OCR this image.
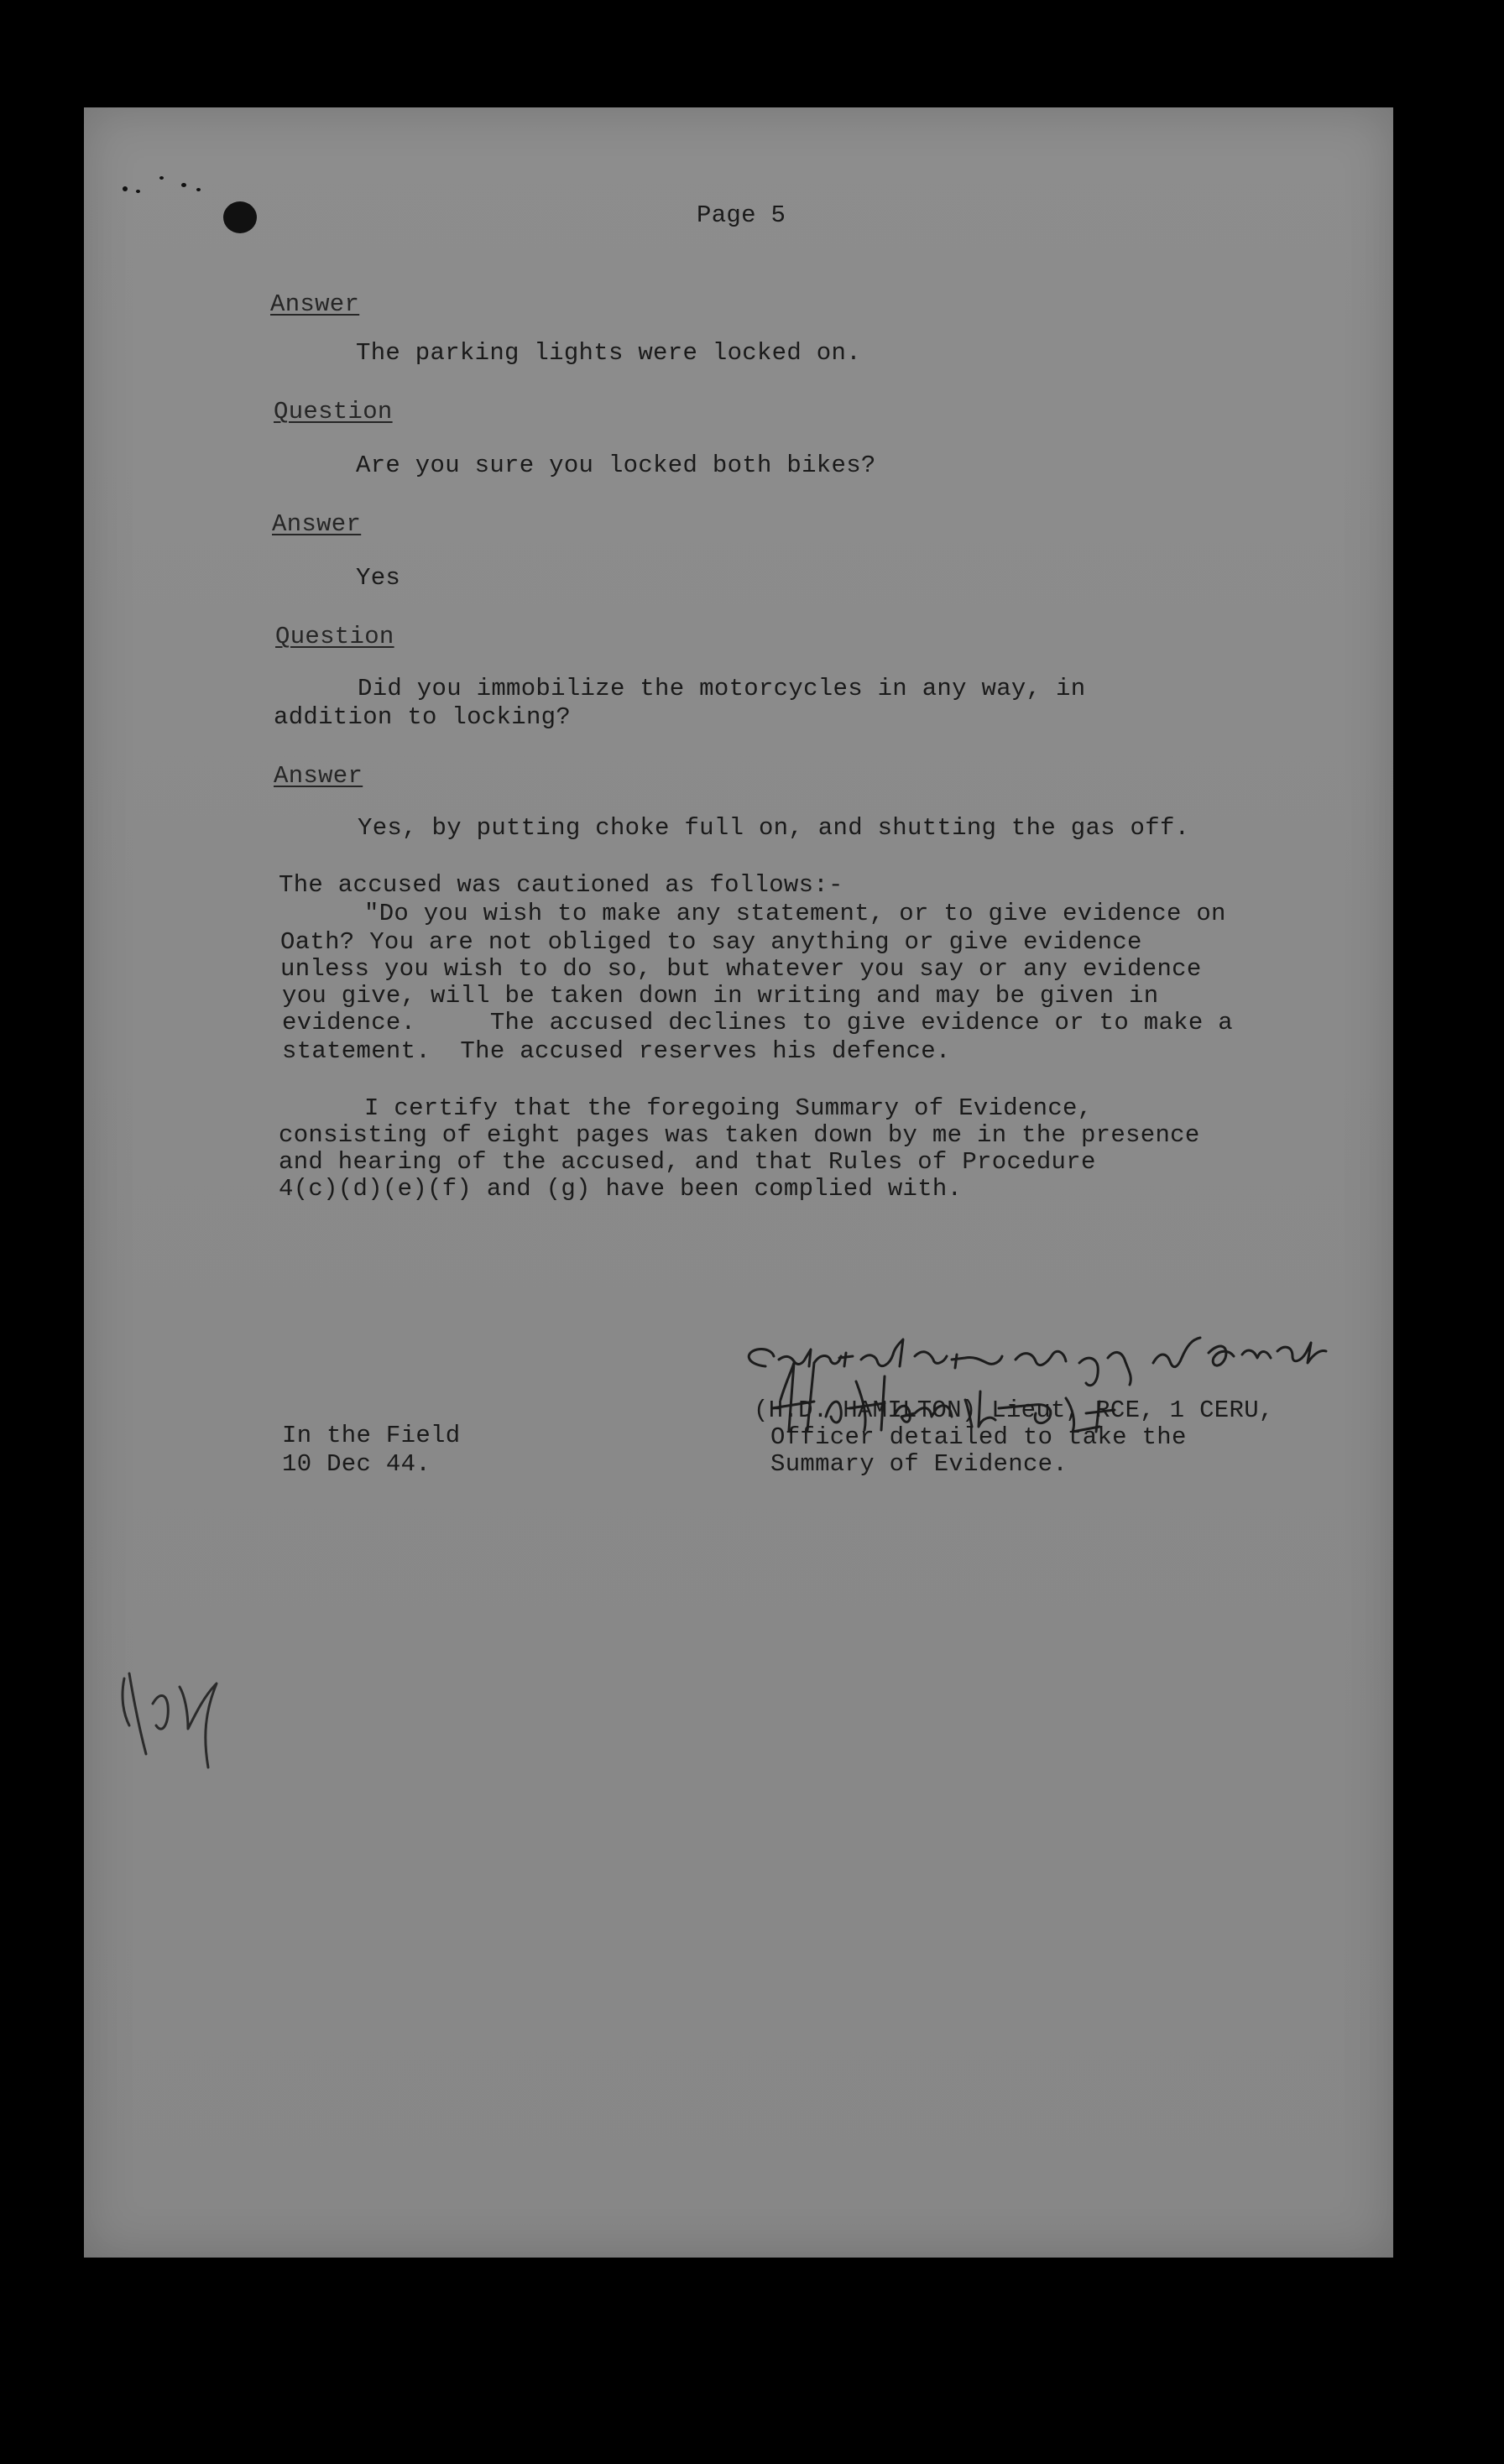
Page 5
Answer
The parking lights were locked on.
Question
Are you sure you locked both bikes?
Answer
Yes
Question
Did you immobilize the motorcycles in any way, in
addition to locking?
Answer
Yes, by putting choke full on, and shutting the gas off.
The accused was cautioned as follows:-
"Do you wish to make any statement, or to give evidence on
Oath? You are not obliged to say anything or give evidence
unless you wish to do so, but whatever you say or any evidence
you give, will be taken down in writing and may be given in
evidence.     The accused declines to give evidence or to make a
statement.  The accused reserves his defence.
I certify that the foregoing Summary of Evidence,
consisting of eight pages was taken down by me in the presence
and hearing of the accused, and that Rules of Procedure
4(c)(d)(e)(f) and (g) have been complied with.
(H.D. HAMILTON) Lieut, RCE, 1 CERU,
Officer detailed to take the
Summary of Evidence.
In the Field
10 Dec 44.
